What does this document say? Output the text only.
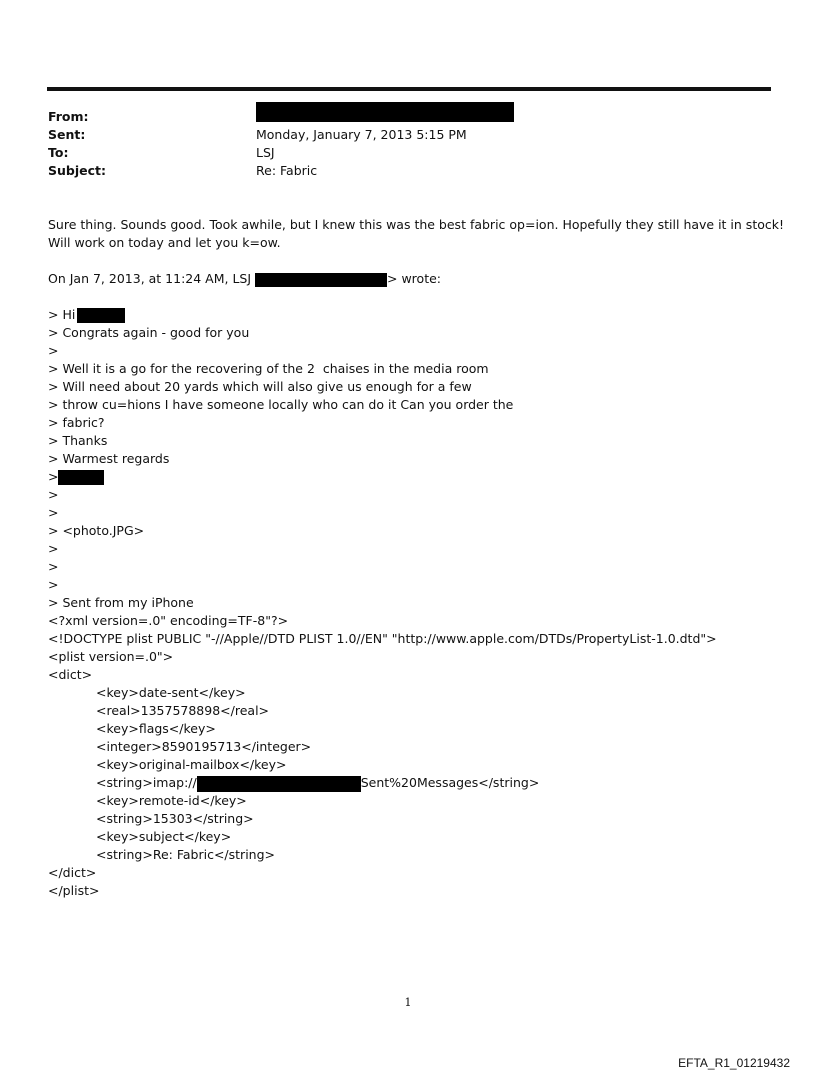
From:
Sent:	Monday, January 7, 2013 5:15 PM
To:	LSJ
Subject:	Re: Fabric

Sure thing. Sounds good. Took awhile, but I knew this was the best fabric op=ion. Hopefully they still have it in stock!

Will work on today and let you k=ow.

On Jan 7, 2013, at 11:24 AM, LSJ	> wrote:

> Hi

> Congrats again - good for you

>

> Well it is a go for the recovering of the 2  chaises in the media room

> Will need about 20 yards which will also give us enough for a few

> throw cu=hions I have someone locally who can do it Can you order the

> fabric?

> Thanks

> Warmest regards

>

>

>

> <photo.JPG>

>

>

>

> Sent from my iPhone

<?xml version=.0" encoding=TF-8"?>

<!DOCTYPE plist PUBLIC "-//Apple//DTD PLIST 1.0//EN" "http://www.apple.com/DTDs/PropertyList-1.0.dtd">

<plist version=.0">

<dict>

<key>date-sent</key>

<real>1357578898</real>

<key>flags</key>

<integer>8590195713</integer>

<key>original-mailbox</key>

<string>imap://	Sent%20Messages</string>

<key>remote-id</key>

<string>15303</string>

<key>subject</key>

<string>Re: Fabric</string>

</dict>

</plist>

1
EFTA_R1_01219432
